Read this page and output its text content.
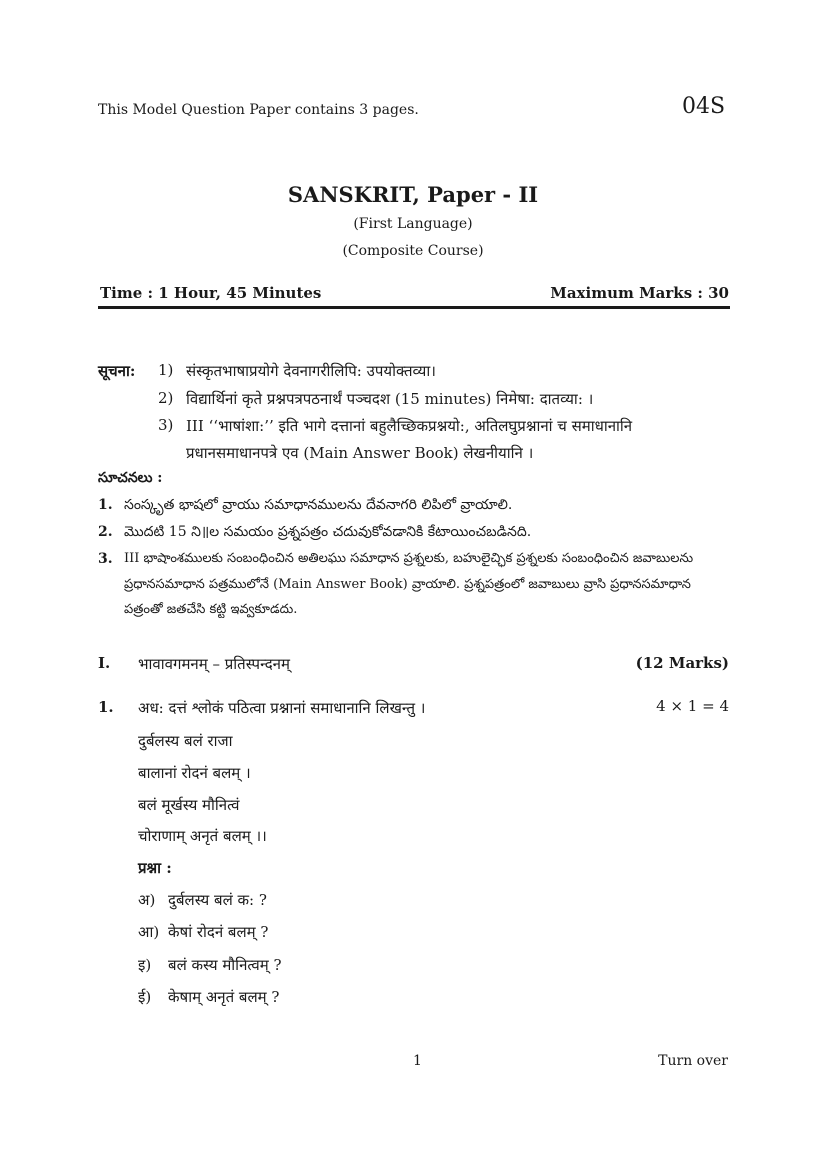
This Model Question Paper contains 3 pages.	04S
SANSKRIT, Paper - II
(First Language)
(Composite Course)
Time : 1 Hour, 45 Minutes	Maximum Marks : 30
सूचना: 1) संस्कृतभाषाप्रयोगे देवनागरीलिपि: उपयोक्तव्या।
2) विद्यार्थिनां कृते प्रश्नपत्रपठनार्थं पञ्चदश (15 minutes) निमेषा: दातव्या: ।
3) III ‘‘भाषांशा:’’ इति भागे दत्तानां बहुलैच्छिकप्रश्नयो:, अतिलघुप्रश्नानां च समाधानानि
प्रधानसमाधानपत्रे एव (Main Answer Book) लेखनीयानि ।
సూచనలు :
1. సంస్కృత భాషలో వ్రాయు సమాధానములను దేవనాగరి లిపిలో వ్రాయాలి.
2. మొదటి 15 ని॥ల సమయం ప్రశ్నపత్రం చదువుకోవడానికి కేటాయించబడినది.
3. III భాషాంశములకు సంబంధించిన అతిలఘు సమాధాన ప్రశ్నలకు, బహులైచ్ఛిక ప్రశ్నలకు సంబంధించిన జవాబులను
ప్రధానసమాధాన పత్రములోనే (Main Answer Book) వ్రాయాలి. ప్రశ్నపత్రంలో జవాబులు వ్రాసి ప్రధానసమాధాన
పత్రంతో జతచేసి కట్టి ఇవ్వకూడదు.
I. भावावगमनम् – प्रतिस्पन्दनम्	(12 Marks)
1. अध: दत्तं श्लोकं पठित्वा प्रश्नानां समाधानानि लिखन्तु ।	4 × 1 = 4
दुर्बलस्य बलं राजा
बालानां रोदनं बलम् ।
बलं मूर्खस्य मौनित्वं
चोराणाम् अनृतं बलम् ।।
प्रश्ना :
अ) दुर्बलस्य बलं क: ?
आ) केषां रोदनं बलम् ?
इ) बलं कस्य मौनित्वम् ?
ई) केषाम् अनृतं बलम् ?
1	Turn over
